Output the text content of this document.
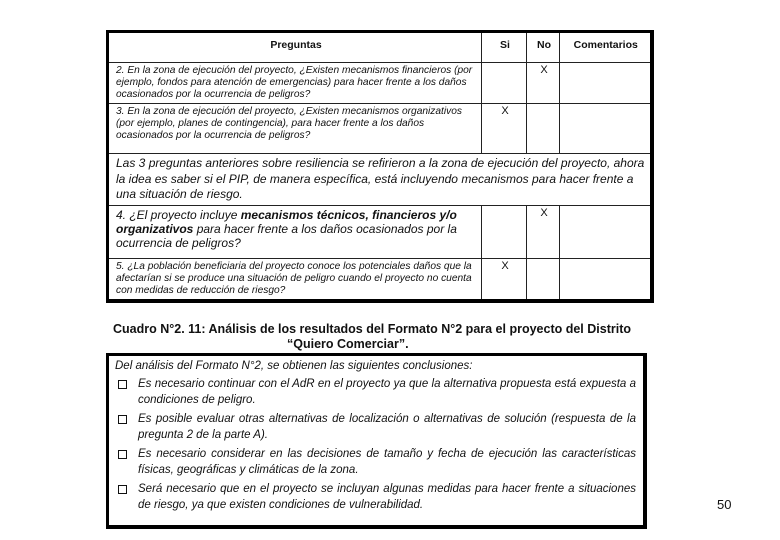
Preguntas	Si	No	Comentarios
2. En la zona de ejecución del proyecto, ¿Existen mecanismos financieros (por ejemplo, fondos para atención de emergencias) para hacer frente a los daños ocasionados por la ocurrencia de peligros?		X	
3. En la zona de ejecución del proyecto, ¿Existen mecanismos organizativos (por ejemplo, planes de contingencia), para hacer frente a los daños ocasionados por la ocurrencia de peligros?	X		
Las 3 preguntas anteriores sobre resiliencia se refirieron a la zona de ejecución del proyecto, ahora la idea es saber si el PIP, de manera específica, está incluyendo mecanismos para hacer frente a una situación de riesgo.			
4. ¿El proyecto incluye mecanismos técnicos, financieros y/o organizativos para hacer frente a los daños ocasionados por la ocurrencia de peligros?		X	
5. ¿La población beneficiaria del proyecto conoce los potenciales daños que la afectarían si se produce una situación de peligro cuando el proyecto no cuenta con medidas de reducción de riesgo?	X		
Cuadro N°2. 11: Análisis de los resultados del Formato N°2 para el proyecto del Distrito
“Quiero Comerciar”.
Del análisis del Formato N°2, se obtienen las siguientes conclusiones:
Es necesario continuar con el AdR en el proyecto ya que la alternativa propuesta está expuesta a condiciones de peligro.
Es posible evaluar otras alternativas de localización o alternativas de solución (respuesta de la pregunta 2 de la parte A).
Es necesario considerar en las decisiones de tamaño y fecha de ejecución las características físicas, geográficas y climáticas de la zona.
Será necesario que en el proyecto se incluyan algunas medidas para hacer frente a situaciones de riesgo, ya que existen condiciones de vulnerabilidad.	50
